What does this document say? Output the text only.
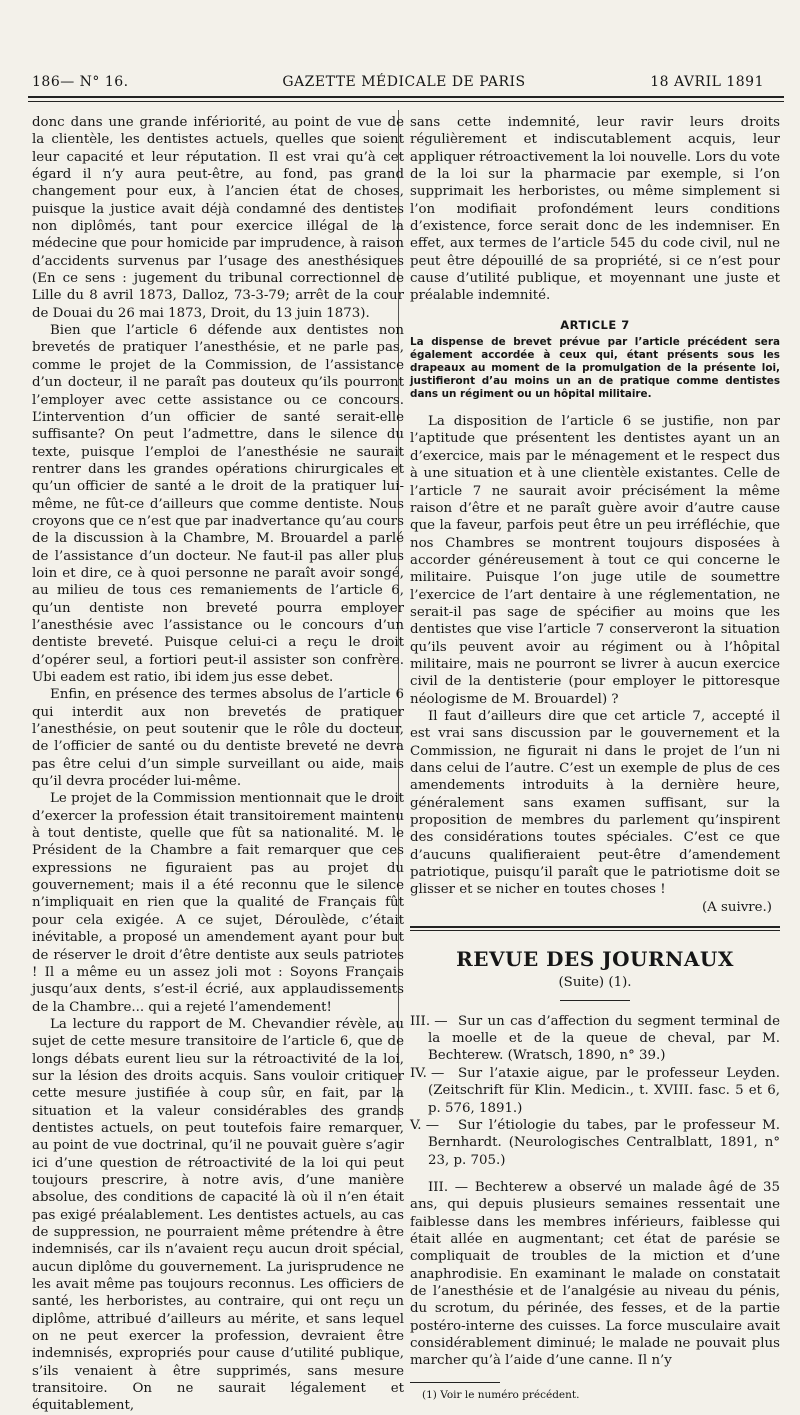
186— N° 16.	GAZETTE MÉDICALE DE PARIS	18 AVRIL 1891

donc dans une grande infériorité, au point de vue de la clientèle, les dentistes actuels, quelles que soient leur capacité et leur réputation. Il est vrai qu’à cet égard il n’y aura peut-être, au fond, pas grand changement pour eux, à l’ancien état de choses, puisque la justice avait déjà condamné des dentistes non diplômés, tant pour exercice illégal de la médecine que pour homicide par imprudence, à raison d’accidents survenus par l’usage des anesthésiques (En ce sens : jugement du tribunal correctionnel de Lille du 8 avril 1873, Dalloz, 73-3-79; arrêt de la cour de Douai du 26 mai 1873, Droit, du 13 juin 1873).

Bien que l’article 6 défende aux dentistes non brevetés de pratiquer l’anesthésie, et ne parle pas, comme le projet de la Commission, de l’assistance d’un docteur, il ne paraît pas douteux qu’ils pourront l’employer avec cette assistance ou ce concours. L’intervention d’un officier de santé serait-elle suffisante? On peut l’admettre, dans le silence du texte, puisque l’emploi de l’anesthésie ne saurait rentrer dans les grandes opérations chirurgicales et qu’un officier de santé a le droit de la pratiquer lui-même, ne fût-ce d’ailleurs que comme dentiste. Nous croyons que ce n’est que par inadvertance qu’au cours de la discussion à la Chambre, M. Brouardel a parlé de l’assistance d’un docteur. Ne faut-il pas aller plus loin et dire, ce à quoi personne ne paraît avoir songé, au milieu de tous ces remaniements de l’article 6, qu’un dentiste non breveté pourra employer l’anesthésie avec l’assistance ou le concours d’un dentiste breveté. Puisque celui-ci a reçu le droit d’opérer seul, a fortiori peut-il assister son confrère. Ubi eadem est ratio, ibi idem jus esse debet.

Enfin, en présence des termes absolus de l’article 6 qui interdit aux non brevetés de pratiquer l’anesthésie, on peut soutenir que le rôle du docteur, de l’officier de santé ou du dentiste breveté ne devra pas être celui d’un simple surveillant ou aide, mais qu’il devra procéder lui-même.

Le projet de la Commission mentionnait que le droit d’exercer la profession était transitoirement maintenu à tout dentiste, quelle que fût sa nationalité. M. le Président de la Chambre a fait remarquer que ces expressions ne figuraient pas au projet du gouvernement; mais il a été reconnu que le silence n’impliquait en rien que la qualité de Français fût pour cela exigée. A ce sujet, Déroulède, c’était inévitable, a proposé un amendement ayant pour but de réserver le droit d’être dentiste aux seuls patriotes ! Il a même eu un assez joli mot : Soyons Français jusqu’aux dents, s’est-il écrié, aux applaudissements de la Chambre... qui a rejeté l’amendement!

La lecture du rapport de M. Chevandier révèle, au sujet de cette mesure transitoire de l’article 6, que de longs débats eurent lieu sur la rétroactivité de la loi, sur la lésion des droits acquis. Sans vouloir critiquer cette mesure justifiée à coup sûr, en fait, par la situation et la valeur considérables des grands dentistes actuels, on peut toutefois faire remarquer, au point de vue doctrinal, qu’il ne pouvait guère s’agir ici d’une question de rétroactivité de la loi qui peut toujours prescrire, à notre avis, d’une manière absolue, des conditions de capacité là où il n’en était pas exigé préalablement. Les dentistes actuels, au cas de suppression, ne pourraient même prétendre à être indemnisés, car ils n’avaient reçu aucun droit spécial, aucun diplôme du gouvernement. La jurisprudence ne les avait même pas toujours reconnus. Les officiers de santé, les herboristes, au contraire, qui ont reçu un diplôme, attribué d’ailleurs au mérite, et sans lequel on ne peut exercer la profession, devraient être indemnisés, expropriés pour cause d’utilité publique, s’ils venaient à être supprimés, sans mesure transitoire. On ne saurait légalement et équitablement,

sans cette indemnité, leur ravir leurs droits régulièrement et indiscutablement acquis, leur appliquer rétroactivement la loi nouvelle. Lors du vote de la loi sur la pharmacie par exemple, si l’on supprimait les herboristes, ou même simplement si l’on modifiait profondément leurs conditions d’existence, force serait donc de les indemniser. En effet, aux termes de l’article 545 du code civil, nul ne peut être dépouillé de sa propriété, si ce n’est pour cause d’utilité publique, et moyennant une juste et préalable indemnité.

ARTICLE 7

La dispense de brevet prévue par l’article précédent sera également accordée à ceux qui, étant présents sous les drapeaux au moment de la promulgation de la présente loi, justifieront d’au moins un an de pratique comme dentistes dans un régiment ou un hôpital militaire.

La disposition de l’article 6 se justifie, non par l’aptitude que présentent les dentistes ayant un an d’exercice, mais par le ménagement et le respect dus à une situation et à une clientèle existantes. Celle de l’article 7 ne saurait avoir précisément la même raison d’être et ne paraît guère avoir d’autre cause que la faveur, parfois peut être un peu irréfléchie, que nos Chambres se montrent toujours disposées à accorder généreusement à tout ce qui concerne le militaire. Puisque l’on juge utile de soumettre l’exercice de l’art dentaire à une réglementation, ne serait-il pas sage de spécifier au moins que les dentistes que vise l’article 7 conserveront la situation qu’ils peuvent avoir au régiment ou à l’hôpital militaire, mais ne pourront se livrer à aucun exercice civil de la dentisterie (pour employer le pittoresque néologisme de M. Brouardel) ?

Il faut d’ailleurs dire que cet article 7, accepté il est vrai sans discussion par le gouvernement et la Commission, ne figurait ni dans le projet de l’un ni dans celui de l’autre. C’est un exemple de plus de ces amendements introduits à la dernière heure, généralement sans examen suffisant, sur la proposition de membres du parlement qu’inspirent des considérations toutes spéciales. C’est ce que d’aucuns qualifieraient peut-être d’amendement patriotique, puisqu’il paraît que le patriotisme doit se glisser et se nicher en toutes choses !

(A suivre.)

REVUE DES JOURNAUX
(Suite) (1).

III. — Sur un cas d’affection du segment terminal de la moelle et de la queue de cheval, par M. Bechterew. (Wratsch, 1890, n° 39.)

IV. — Sur l’ataxie aigue, par le professeur Leyden. (Zeitschrift für Klin. Medicin., t. XVIII. fasc. 5 et 6, p. 576, 1891.)

V. — Sur l’étiologie du tabes, par le professeur M. Bernhardt. (Neurologisches Centralblatt, 1891, n° 23, p. 705.)

III. — Bechterew a observé un malade âgé de 35 ans, qui depuis plusieurs semaines ressentait une faiblesse dans les membres inférieurs, faiblesse qui était allée en augmentant; cet état de parésie se compliquait de troubles de la miction et d’une anaphrodisie. En examinant le malade on constatait de l’anesthésie et de l’analgésie au niveau du pénis, du scrotum, du périnée, des fesses, et de la partie postéro-interne des cuisses. La force musculaire avait considérablement diminué; le malade ne pouvait plus marcher qu’à l’aide d’une canne. Il n’y

(1) Voir le numéro précédent.
